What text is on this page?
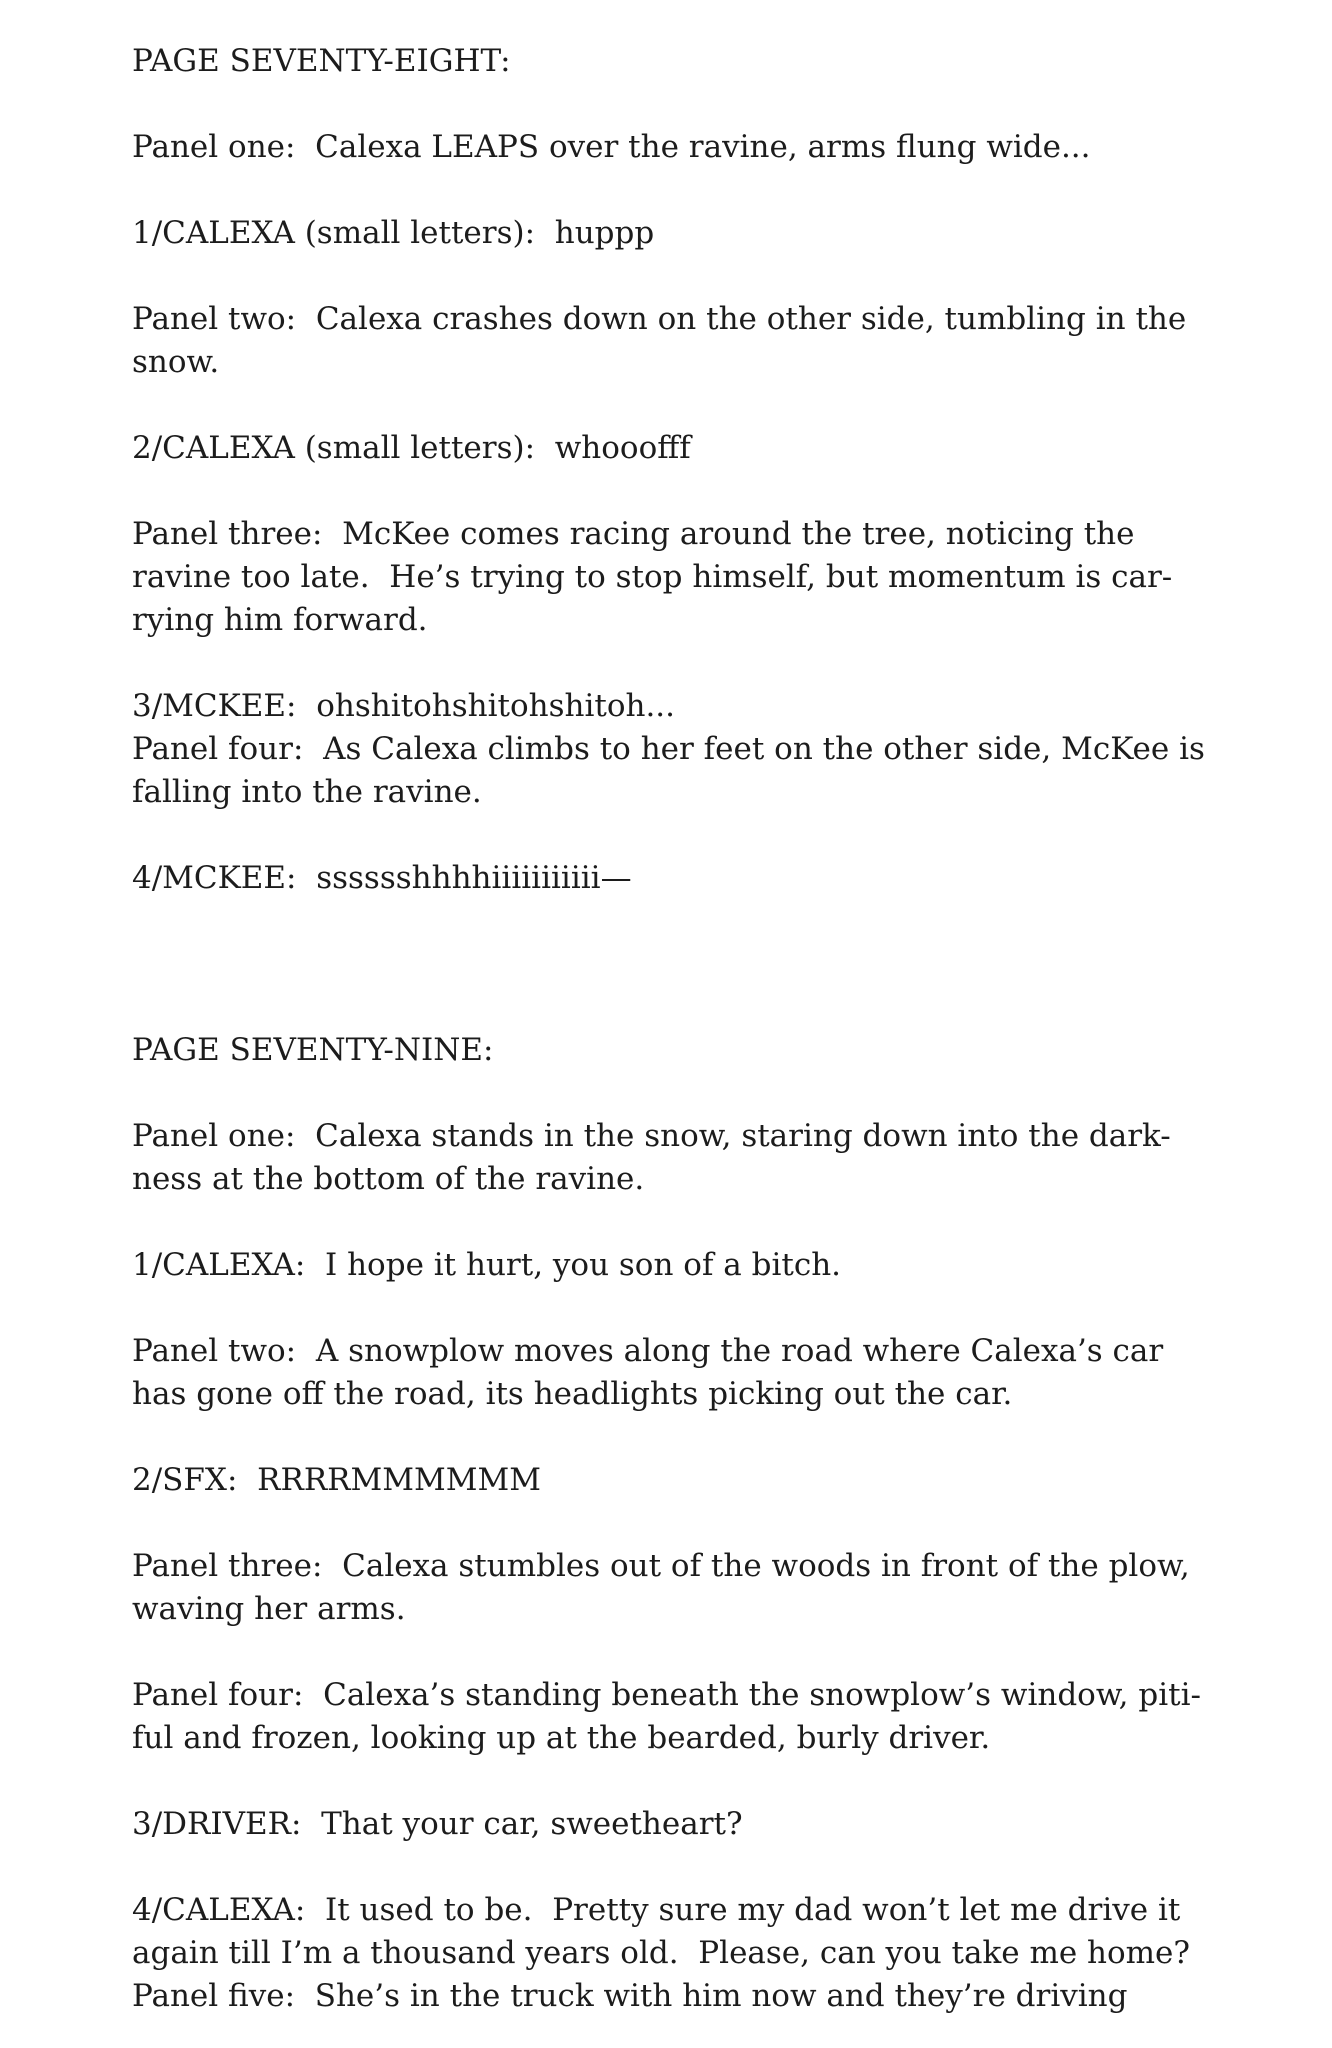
PAGE SEVENTY-EIGHT:

Panel one:  Calexa LEAPS over the ravine, arms flung wide...

1/CALEXA (small letters):  huppp

Panel two:  Calexa crashes down on the other side, tumbling in the
snow.

2/CALEXA (small letters):  whooofff

Panel three:  McKee comes racing around the tree, noticing the
ravine too late.  He’s trying to stop himself, but momentum is car-
rying him forward.

3/MCKEE:  ohshitohshitohshitoh...

Panel four:  As Calexa climbs to her feet on the other side, McKee is
falling into the ravine.

4/MCKEE:  sssssshhhhiiiiiiiiiii—

PAGE SEVENTY-NINE:

Panel one:  Calexa stands in the snow, staring down into the dark-
ness at the bottom of the ravine.

1/CALEXA:  I hope it hurt, you son of a bitch.

Panel two:  A snowplow moves along the road where Calexa’s car
has gone off the road, its headlights picking out the car.

2/SFX:  RRRRMMMMMM

Panel three:  Calexa stumbles out of the woods in front of the plow,
waving her arms.

Panel four:  Calexa’s standing beneath the snowplow’s window, piti-
ful and frozen, looking up at the bearded, burly driver.

3/DRIVER:  That your car, sweetheart?

4/CALEXA:  It used to be.  Pretty sure my dad won’t let me drive it
again till I’m a thousand years old.  Please, can you take me home?

Panel five:  She’s in the truck with him now and they’re driving
